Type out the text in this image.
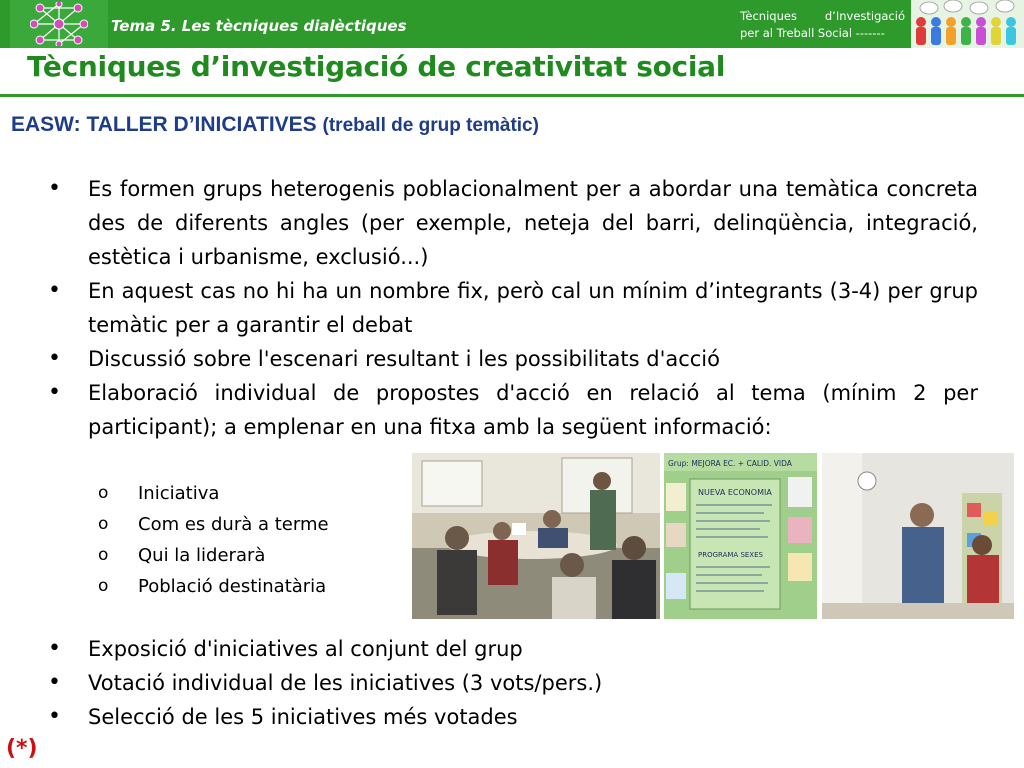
Tema 5. Les tècniques dialèctiques
Tècniques d’Investigació
per al Treball Social -------
Tècniques d’investigació de creativitat social
EASW: TALLER D’INICIATIVES (treball de grup temàtic)
• Es formen grups heterogenis poblacionalment per a abordar una temàtica concreta des de diferents angles (per exemple, neteja del barri, delinqüència, integració, estètica i urbanisme, exclusió...)
• En aquest cas no hi ha un nombre fix, però cal un mínim d’integrants (3-4) per grup temàtic per a garantir el debat
• Discussió sobre l'escenari resultant i les possibilitats d'acció
• Elaboració individual de propostes d'acció en relació al tema (mínim 2 per participant); a emplenar en una fitxa amb la següent informació:
o Iniciativa
o Com es durà a terme
o Qui la liderarà
o Població destinatària
Grup: MEJORA EC. + CALID. VIDA
NUEVA ECONOMIA
PROGRAMA SEXES
• Exposició d'iniciatives al conjunt del grup
• Votació individual de les iniciatives (3 vots/pers.)
• Selecció de les 5 iniciatives més votades
(*)
